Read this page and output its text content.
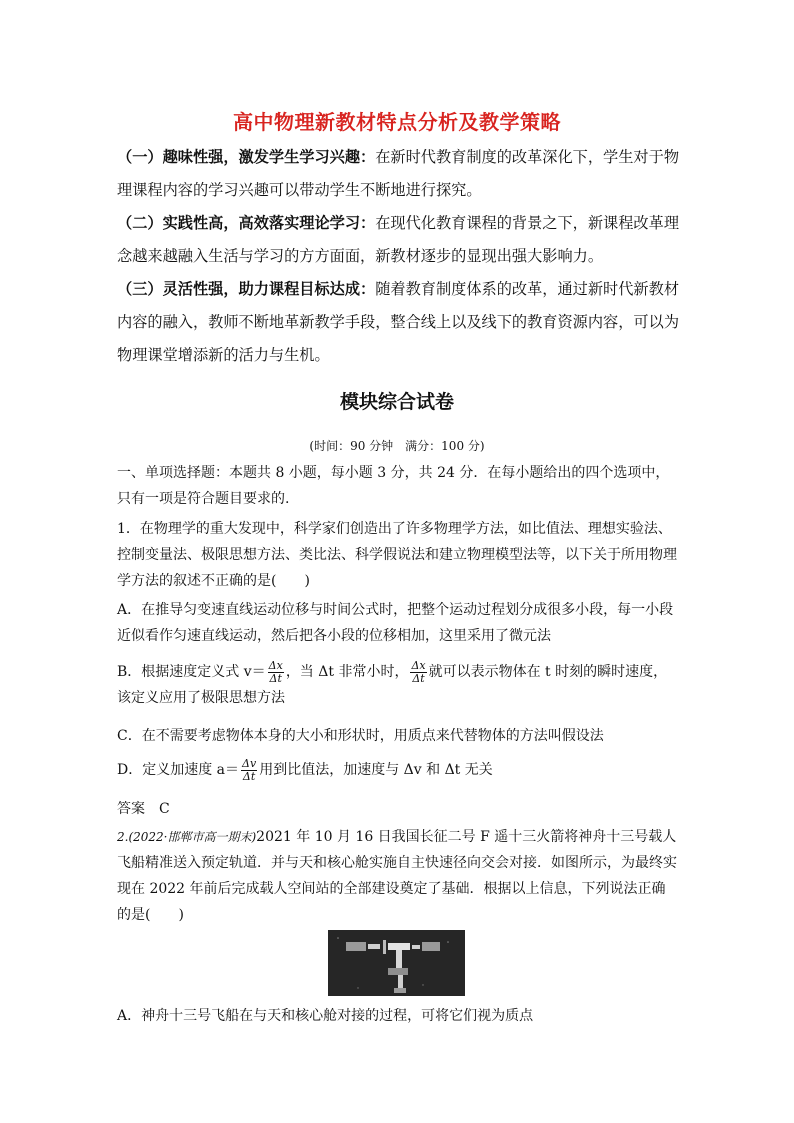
高中物理新教材特点分析及教学策略
（一）趣味性强，激发学生学习兴趣：在新时代教育制度的改革深化下，学生对于物理课程内容的学习兴趣可以带动学生不断地进行探究。
（二）实践性高，高效落实理论学习：在现代化教育课程的背景之下，新课程改革理念越来越融入生活与学习的方方面面，新教材逐步的显现出强大影响力。
（三）灵活性强，助力课程目标达成：随着教育制度体系的改革，通过新时代新教材内容的融入，教师不断地革新教学手段，整合线上以及线下的教育资源内容，可以为物理课堂增添新的活力与生机。
模块综合试卷
(时间：90 分钟　满分：100 分)
一、单项选择题：本题共 8 小题，每小题 3 分，共 24 分．在每小题给出的四个选项中，只有一项是符合题目要求的.
1．在物理学的重大发现中，科学家们创造出了许多物理学方法，如比值法、理想实验法、控制变量法、极限思想方法、类比法、科学假说法和建立物理模型法等，以下关于所用物理学方法的叙述不正确的是(　　)
A．在推导匀变速直线运动位移与时间公式时，把整个运动过程划分成很多小段，每一小段近似看作匀速直线运动，然后把各小段的位移相加，这里采用了微元法
B．根据速度定义式 $v= \frac{\Delta x}{\Delta t}$ ，当 Δt 非常小时， $\frac{\Delta x}{\Delta t}$ 就可以表示物体在 t 时刻的瞬时速度，该定义应用了极限思想方法
C．在不需要考虑物体本身的大小和形状时，用质点来代替物体的方法叫假设法
D．定义加速度 $a= \frac{\Delta v}{\Delta t}$ 用到比值法，加速度与 Δv 和 Δt 无关
答案　C
2.(2022·邯郸市高一期末)2021 年 10 月 16 日我国长征二号 F 遥十三火箭将神舟十三号载人飞船精准送入预定轨道．并与天和核心舱实施自主快速径向交会对接．如图所示，为最终实现在 2022 年前后完成载人空间站的全部建设奠定了基础．根据以上信息，下列说法正确的是(　　)
A．神舟十三号飞船在与天和核心舱对接的过程，可将它们视为质点
